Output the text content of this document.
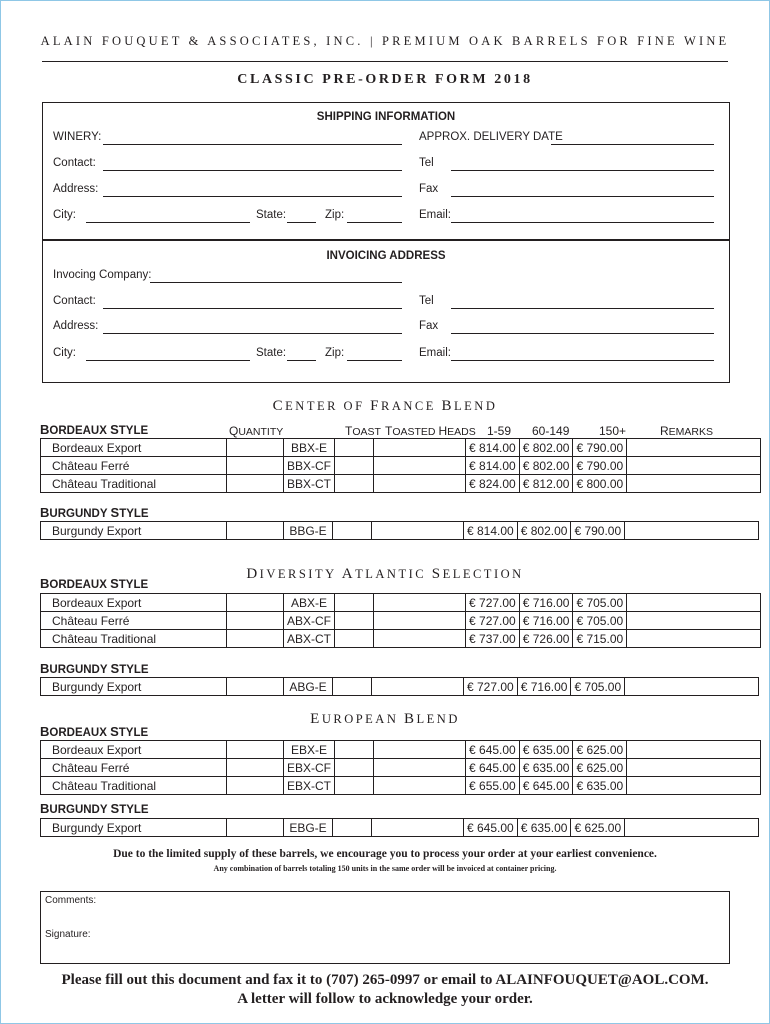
ALAIN FOUQUET & ASSOCIATES, INC. | PREMIUM OAK BARRELS FOR FINE WINE
CLASSIC PRE-ORDER FORM 2018
SHIPPING INFORMATION
WINERY:	APPROX. DELIVERY DATE
Contact:	Tel
Address:	Fax
City:	State:	Zip:	Email:
INVOICING ADDRESS
Invocing Company:
Contact:	Tel
Address:	Fax
City:	State:	Zip:	Email:
CENTER OF FRANCE BLEND
BORDEAUX STYLE	QUANTITY	TOAST TOASTED HEADS 1-59 60-149 150+	REMARKS
Bordeaux Export		BBX-E			€ 814.00	€ 802.00	€ 790.00	
Château Ferré		BBX-CF			€ 814.00	€ 802.00	€ 790.00	
Château Traditional		BBX-CT			€ 824.00	€ 812.00	€ 800.00	
BURGUNDY STYLE
Burgundy Export		BBG-E			€ 814.00	€ 802.00	€ 790.00	
DIVERSITY ATLANTIC SELECTION
BORDEAUX STYLE
Bordeaux Export		ABX-E			€ 727.00	€ 716.00	€ 705.00	
Château Ferré		ABX-CF			€ 727.00	€ 716.00	€ 705.00	
Château Traditional		ABX-CT			€ 737.00	€ 726.00	€ 715.00	
BURGUNDY STYLE
Burgundy Export		ABG-E			€ 727.00	€ 716.00	€ 705.00	
EUROPEAN BLEND
BORDEAUX STYLE
Bordeaux Export		EBX-E			€ 645.00	€ 635.00	€ 625.00	
Château Ferré		EBX-CF			€ 645.00	€ 635.00	€ 625.00	
Château Traditional		EBX-CT			€ 655.00	€ 645.00	€ 635.00	
BURGUNDY STYLE
Burgundy Export		EBG-E			€ 645.00	€ 635.00	€ 625.00	
Due to the limited supply of these barrels, we encourage you to process your order at your earliest convenience.
Any combination of barrels totaling 150 units in the same order will be invoiced at container pricing.
Comments:
Signature:
Please fill out this document and fax it to (707) 265-0997 or email to ALAINFOUQUET@AOL.COM.
A letter will follow to acknowledge your order.
